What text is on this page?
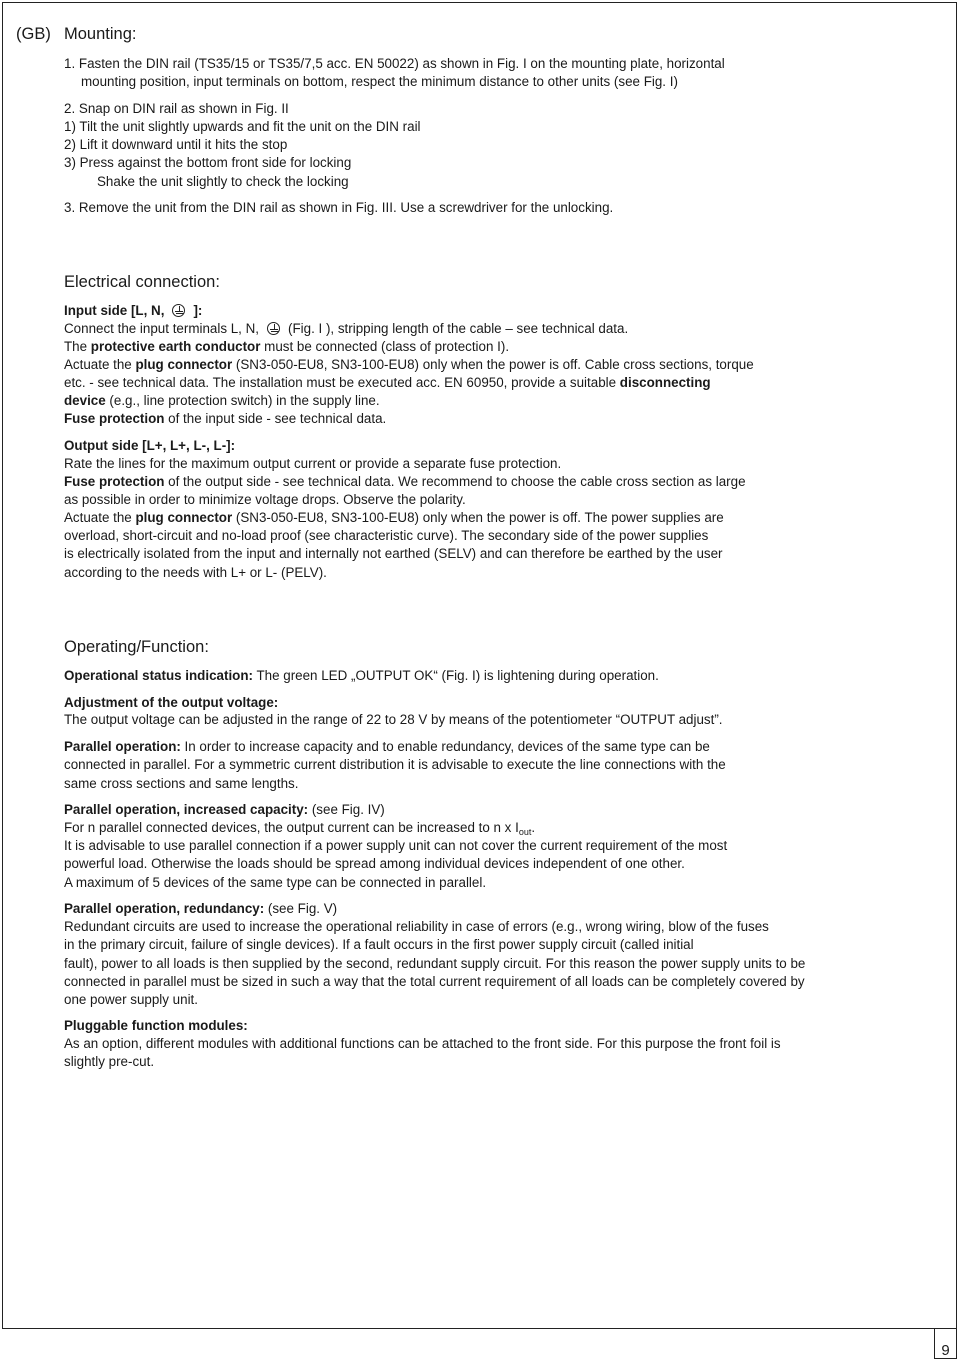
9
(GB) Mounting:
1. Fasten the DIN rail (TS35/15 or TS35/7,5 acc. EN 50022) as shown in Fig. I on the mounting plate, horizontal
mounting position, input terminals on bottom, respect the minimum distance to other units (see Fig. I)
2. Snap on DIN rail as shown in Fig. II
1) Tilt the unit slightly upwards and fit the unit on the DIN rail
2) Lift it downward until it hits the stop
3) Press against the bottom front side for locking
Shake the unit slightly to check the locking
3. Remove the unit from the DIN rail as shown in Fig. III. Use a screwdriver for the unlocking.
Electrical connection:
Input side [L, N, ]:
Connect the input terminals L, N, (Fig. I ), stripping length of the cable – see technical data.
The protective earth conductor must be connected (class of protection I).
Actuate the plug connector (SN3-050-EU8, SN3-100-EU8) only when the power is off. Cable cross sections, torque
etc. - see technical data. The installation must be executed acc. EN 60950, provide a suitable disconnecting
device (e.g., line protection switch) in the supply line.
Fuse protection of the input side - see technical data.
Output side [L+, L+, L-, L-]:
Rate the lines for the maximum output current or provide a separate fuse protection.
Fuse protection of the output side - see technical data. We recommend to choose the cable cross section as large
as possible in order to minimize voltage drops. Observe the polarity.
Actuate the plug connector (SN3-050-EU8, SN3-100-EU8) only when the power is off. The power supplies are
overload, short-circuit and no-load proof (see characteristic curve). The secondary side of the power supplies
is electrically isolated from the input and internally not earthed (SELV) and can therefore be earthed by the user
according to the needs with L+ or L- (PELV).
Operating/Function:
Operational status indication: The green LED „OUTPUT OK“ (Fig. I) is lightening during operation.
Adjustment of the output voltage:
The output voltage can be adjusted in the range of 22 to 28 V by means of the potentiometer “OUTPUT adjust”.
Parallel operation: In order to increase capacity and to enable redundancy, devices of the same type can be
connected in parallel. For a symmetric current distribution it is advisable to execute the line connections with the
same cross sections and same lengths.
Parallel operation, increased capacity: (see Fig. IV)
For n parallel connected devices, the output current can be increased to n x $I_{out}$.
It is advisable to use parallel connection if a power supply unit can not cover the current requirement of the most
powerful load. Otherwise the loads should be spread among individual devices independent of one other.
A maximum of 5 devices of the same type can be connected in parallel.
Parallel operation, redundancy: (see Fig. V)
Redundant circuits are used to increase the operational reliability in case of errors (e.g., wrong wiring, blow of the fuses
in the primary circuit, failure of single devices). If a fault occurs in the first power supply circuit (called initial
fault), power to all loads is then supplied by the second, redundant supply circuit. For this reason the power supply units to be
connected in parallel must be sized in such a way that the total current requirement of all loads can be completely covered by
one power supply unit.
Pluggable function modules:
As an option, different modules with additional functions can be attached to the front side. For this purpose the front foil is
slightly pre-cut.
